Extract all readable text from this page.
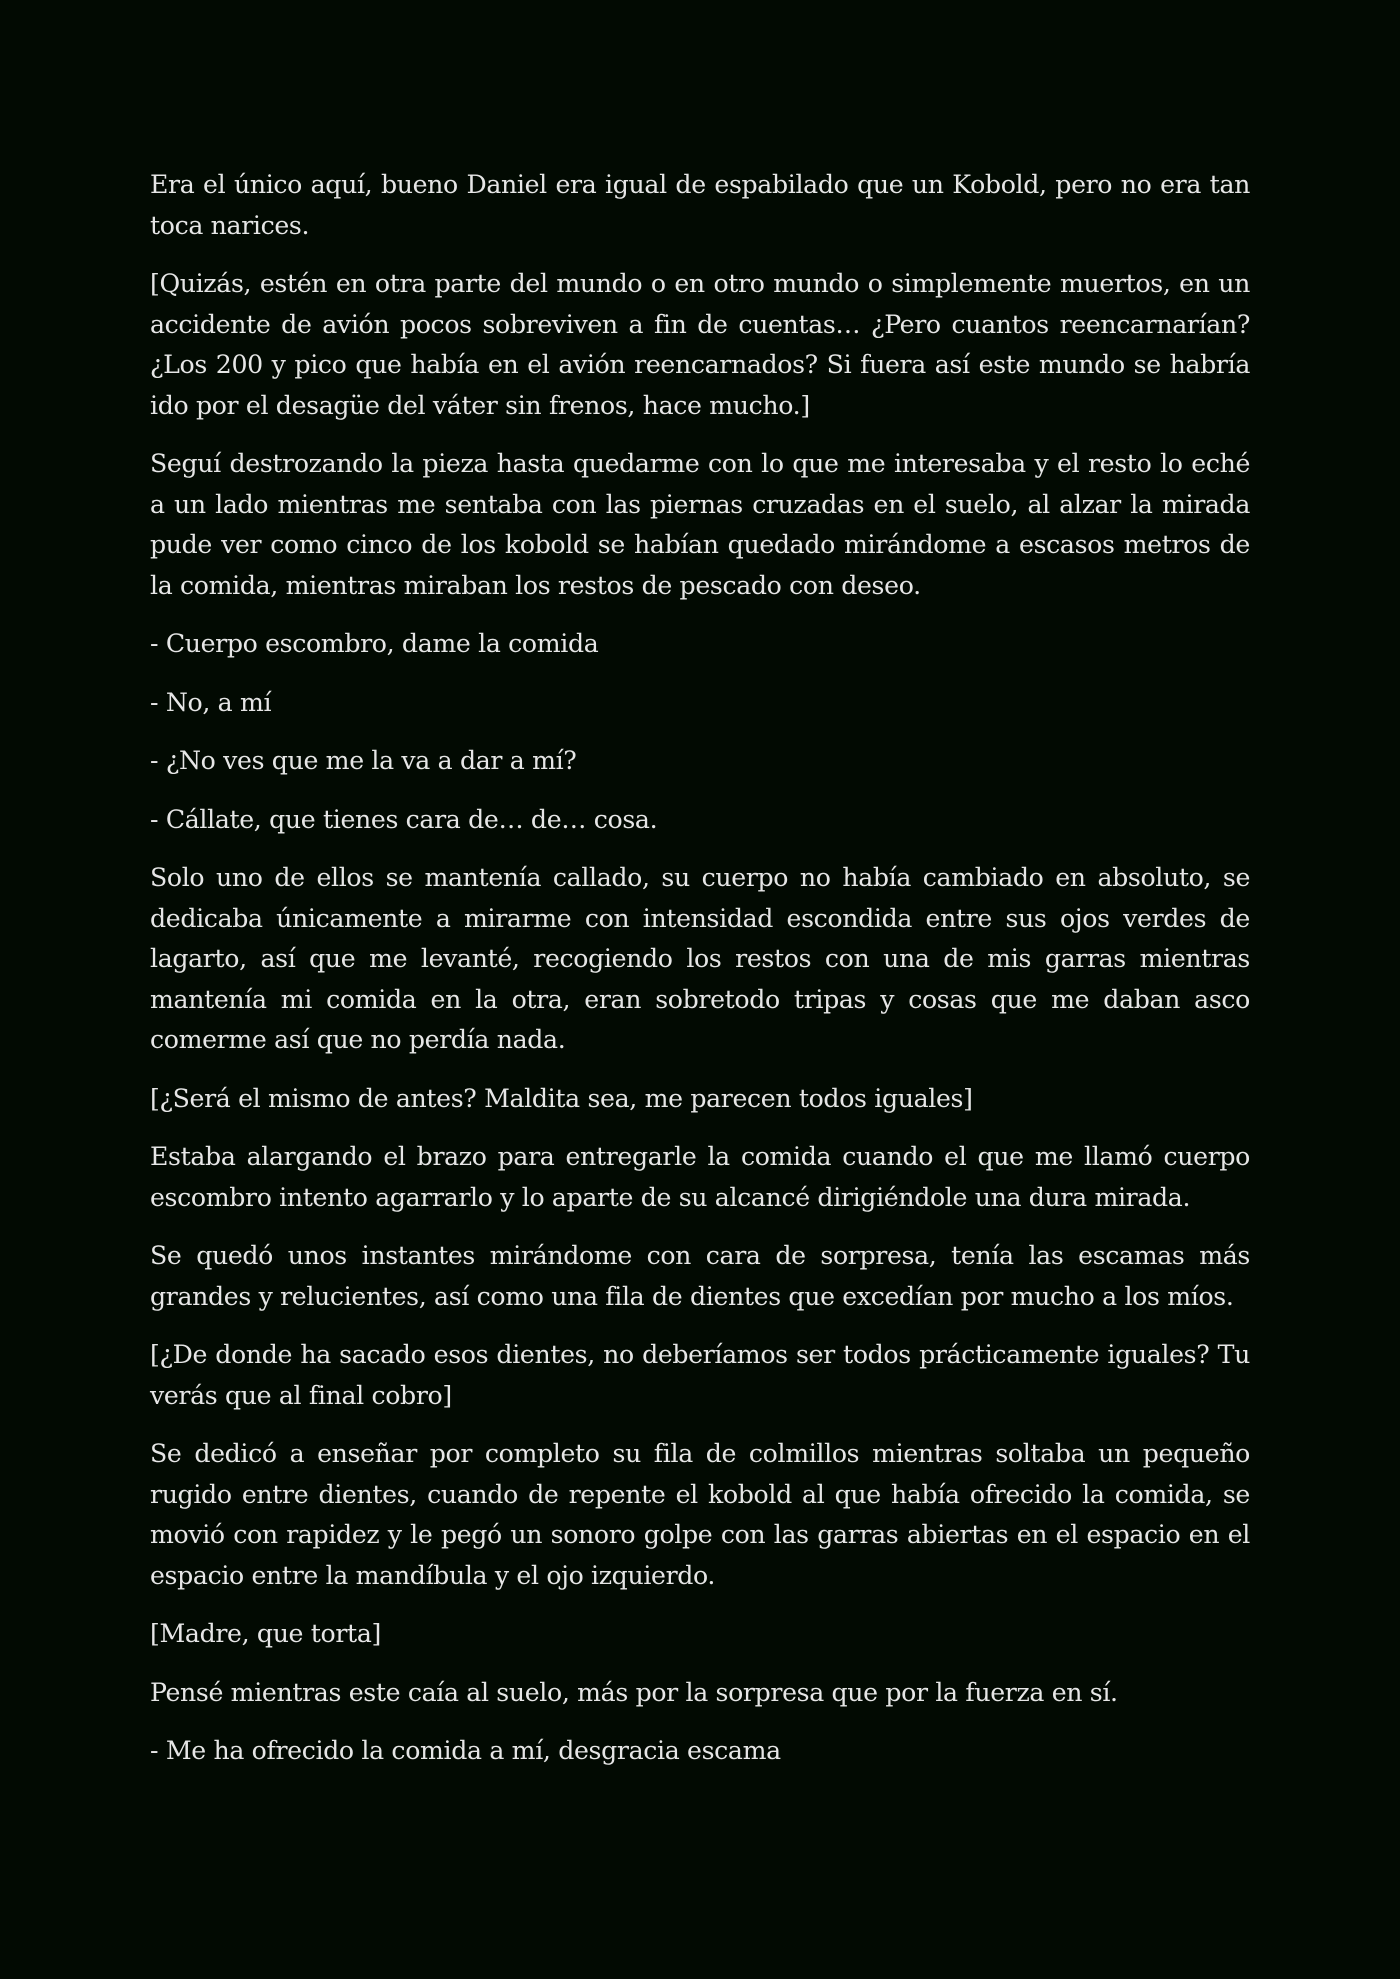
Era el único aquí, bueno Daniel era igual de espabilado que un Kobold, pero no era tan toca narices.

[Quizás, estén en otra parte del mundo o en otro mundo o simplemente muertos, en un accidente de avión pocos sobreviven a fin de cuentas… ¿Pero cuantos reencarnarían? ¿Los 200 y pico que había en el avión reencarnados? Si fuera así este mundo se habría ido por el desagüe del váter sin frenos, hace mucho.]

Seguí destrozando la pieza hasta quedarme con lo que me interesaba y el resto lo eché a un lado mientras me sentaba con las piernas cruzadas en el suelo, al alzar la mirada pude ver como cinco de los kobold se habían quedado mirándome a escasos metros de la comida, mientras miraban los restos de pescado con deseo.

- Cuerpo escombro, dame la comida

- No, a mí

- ¿No ves que me la va a dar a mí?

- Cállate, que tienes cara de… de… cosa.

Solo uno de ellos se mantenía callado, su cuerpo no había cambiado en absoluto, se dedicaba únicamente a mirarme con intensidad escondida entre sus ojos verdes de lagarto, así que me levanté, recogiendo los restos con una de mis garras mientras mantenía mi comida en la otra, eran sobretodo tripas y cosas que me daban asco comerme así que no perdía nada.

[¿Será el mismo de antes? Maldita sea, me parecen todos iguales]

Estaba alargando el brazo para entregarle la comida cuando el que me llamó cuerpo escombro intento agarrarlo y lo aparte de su alcancé dirigiéndole una dura mirada.

Se quedó unos instantes mirándome con cara de sorpresa, tenía las escamas más grandes y relucientes, así como una fila de dientes que excedían por mucho a los míos.

[¿De donde ha sacado esos dientes, no deberíamos ser todos prácticamente iguales? Tu verás que al final cobro]

Se dedicó a enseñar por completo su fila de colmillos mientras soltaba un pequeño rugido entre dientes, cuando de repente el kobold al que había ofrecido la comida, se movió con rapidez y le pegó un sonoro golpe con las garras abiertas en el espacio en el espacio entre la mandíbula y el ojo izquierdo.

[Madre, que torta]

Pensé mientras este caía al suelo, más por la sorpresa que por la fuerza en sí.

- Me ha ofrecido la comida a mí, desgracia escama
